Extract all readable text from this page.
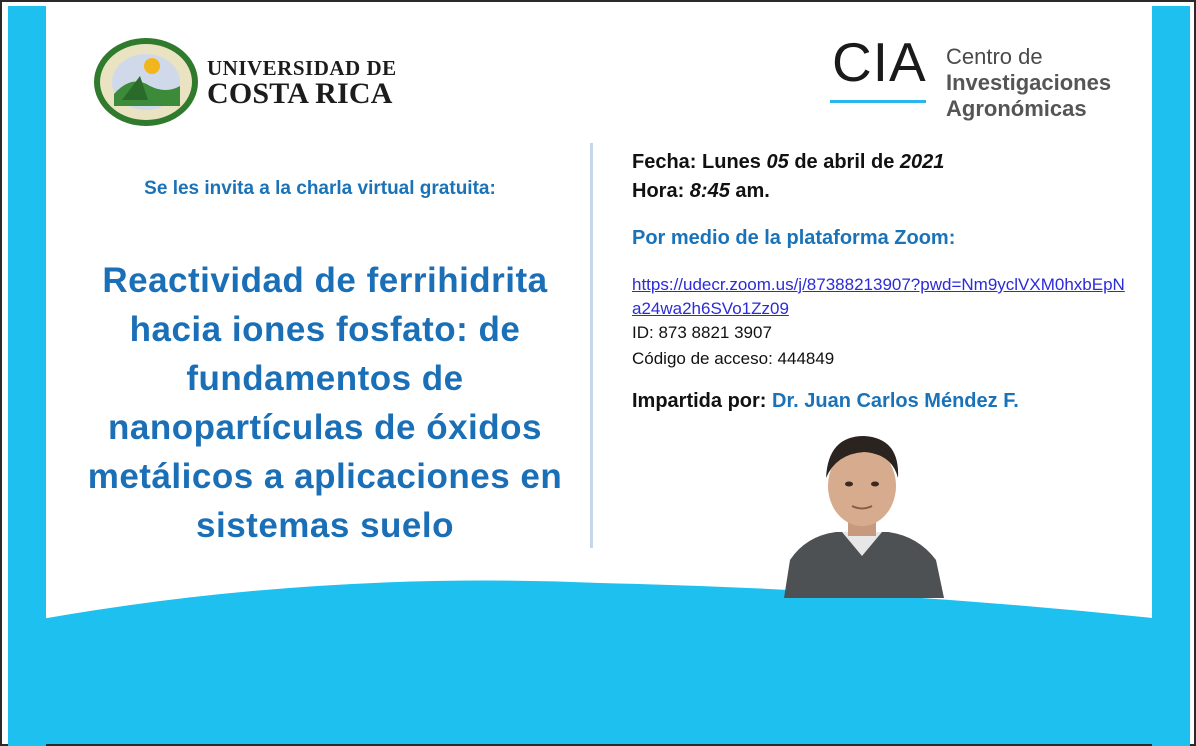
UNIVERSIDAD DE
COSTA RICA
CIA Centro de
Investigaciones
Agronómicas
Se les invita a la charla virtual gratuita:
Reactividad de ferrihidrita hacia iones fosfato: de fundamentos de nanopartículas de óxidos metálicos a aplicaciones en sistemas suelo
Fecha: Lunes 05 de abril de 2021
Hora: 8:45 am.
Por medio de la plataforma Zoom:
https://udecr.zoom.us/j/87388213907?pwd=Nm9yclVXM0hxbEpNa24wa2h6SVo1Zz09
ID: 873 8821 3907
Código de acceso: 444849
Impartida por: Dr. Juan Carlos Méndez F.
